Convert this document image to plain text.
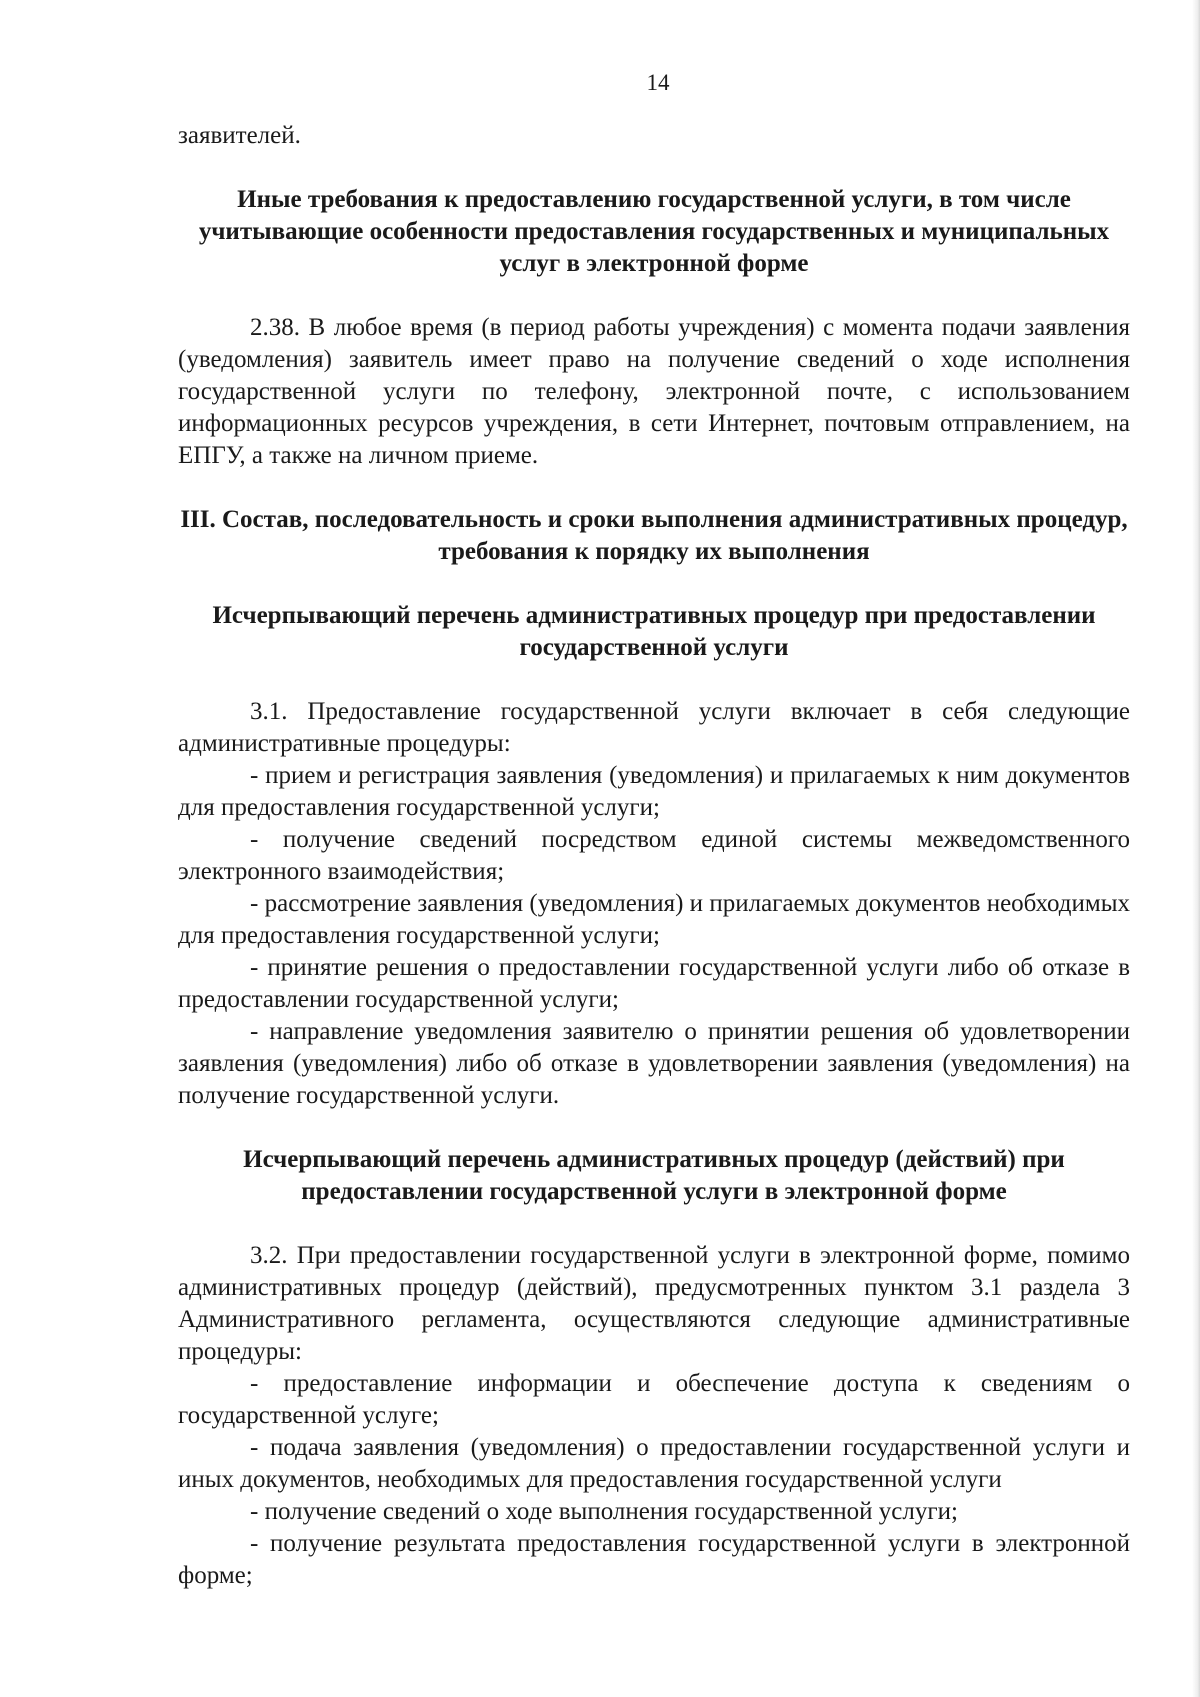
14

заявителей.

Иные требования к предоставлению государственной услуги, в том числе учитывающие особенности предоставления государственных и муниципальных услуг в электронной форме

2.38. В любое время (в период работы учреждения) с момента подачи заявления (уведомления) заявитель имеет право на получение сведений о ходе исполнения государственной услуги по телефону, электронной почте, с использованием информационных ресурсов учреждения, в сети Интернет, почтовым отправлением, на ЕПГУ, а также на личном приеме.

III. Состав, последовательность и сроки выполнения административных процедур, требования к порядку их выполнения
Исчерпывающий перечень административных процедур при предоставлении государственной услуги

3.1. Предоставление государственной услуги включает в себя следующие административные процедуры:

- прием и регистрация заявления (уведомления) и прилагаемых к ним документов для предоставления государственной услуги;

- получение сведений посредством единой системы межведомственного электронного взаимодействия;

- рассмотрение заявления (уведомления) и прилагаемых документов необходимых для предоставления государственной услуги;

- принятие решения о предоставлении государственной услуги либо об отказе в предоставлении государственной услуги;

- направление уведомления заявителю о принятии решения об удовлетворении заявления (уведомления) либо об отказе в удовлетворении заявления (уведомления) на получение государственной услуги.

Исчерпывающий перечень административных процедур (действий) при предоставлении государственной услуги в электронной форме

3.2. При предоставлении государственной услуги в электронной форме, помимо административных процедур (действий), предусмотренных пунктом 3.1 раздела 3 Административного регламента, осуществляются следующие административные процедуры:

- предоставление информации и обеспечение доступа к сведениям о государственной услуге;

- подача заявления (уведомления) о предоставлении государственной услуги и иных документов, необходимых для предоставления государственной услуги

- получение сведений о ходе выполнения государственной услуги;

- получение результата предоставления государственной услуги в электронной форме;
